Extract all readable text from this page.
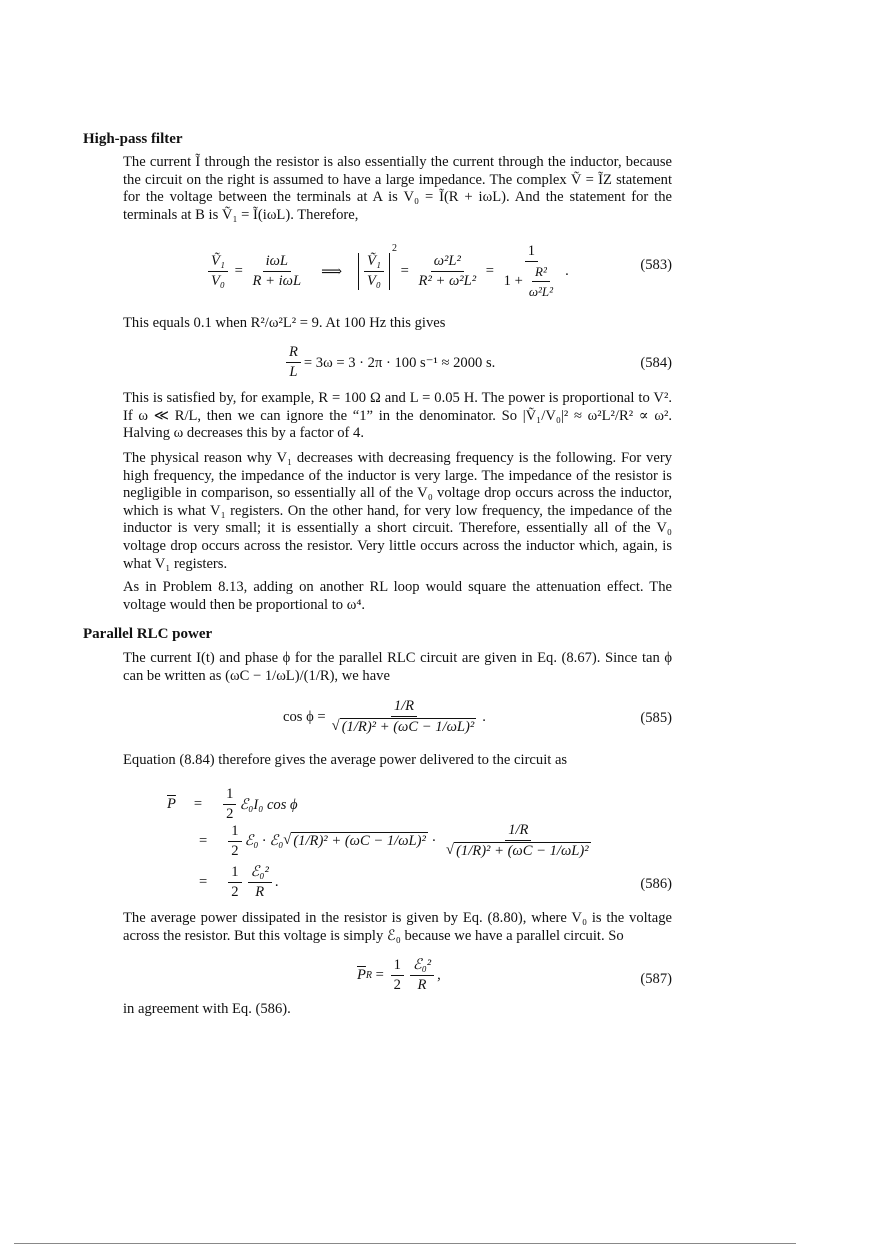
High-pass filter
The current Ĩ through the resistor is also essentially the current through the inductor, because the circuit on the right is assumed to have a large impedance. The complex Ṽ = ĨZ statement for the voltage between the terminals at A is V₀ = Ĩ(R + iωL). And the statement for the terminals at B is Ṽ₁ = Ĩ(iωL). Therefore,
$\frac{\text{Ṽ₁}}{\text{V₀}} = \frac{\text{iωL}}{\text{R + iωL}}$ ⟹ $\frac{\text{Ṽ₁}}{\text{V₀}}$
$^2$
= $\frac{\text{ω²L²}}{\text{R² + ω²L²}} = \frac{1}{1 + \frac{\text{R²}}{\text{ω²L²}}}$ .	(583)
This equals 0.1 when R²/ω²L² = 9. At 100 Hz this gives
$\frac{R}{L} = 3\omega = 3 \cdot 2\pi \cdot 100$ s⁻¹ ≈ 2000 s.	(584)
This is satisfied by, for example, R = 100 Ω and L = 0.05 H. The power is proportional to V². If ω ≪ R/L, then we can ignore the “1” in the denominator. So |Ṽ₁/V₀|² ≈ ω²L²/R² ∝ ω². Halving ω decreases this by a factor of 4.
The physical reason why V₁ decreases with decreasing frequency is the following. For very high frequency, the impedance of the inductor is very large. The impedance of the resistor is negligible in comparison, so essentially all of the V₀ voltage drop occurs across the inductor, which is what V₁ registers. On the other hand, for very low frequency, the impedance of the inductor is very small; it is essentially a short circuit. Therefore, essentially all of the V₀ voltage drop occurs across the resistor. Very little occurs across the inductor which, again, is what V₁ registers.
As in Problem 8.13, adding on another RL loop would square the attenuation effect. The voltage would then be proportional to ω⁴.
Parallel RLC power
The current I(t) and phase ϕ for the parallel RLC circuit are given in Eq. (8.67). Since tan ϕ can be written as (ωC − 1/ωL)/(1/R), we have
$\cos \phi = \frac{1/R}{\text{√ (1/R)² + (ωC − 1/ωL)²}}$ .	(585)
Equation (8.84) therefore gives the average power delivered to the circuit as
$\overline{P} = \frac{1}{2}$ ℰ₀I₀ cos ϕ
= $\frac{1}{2}$ ℰ₀ · ℰ₀ √ $(1/R)^2 + (\omega C - 1/\omega L)^2 \cdot \frac{1/R}{\text{√ (1/R)² + (ωC − 1/ωL)²}}$
= $\frac{1}{2} \frac{\text{ℰ₀²}}{R}$ .	(586)
The average power dissipated in the resistor is given by Eq. (8.80), where V₀ is the voltage across the resistor. But this voltage is simply ℰ₀ because we have a parallel circuit. So
$\overline{P}$ $R = \frac{1}{2} \frac{\text{ℰ₀²}}{R}$ ,	(587)
in agreement with Eq. (586).
